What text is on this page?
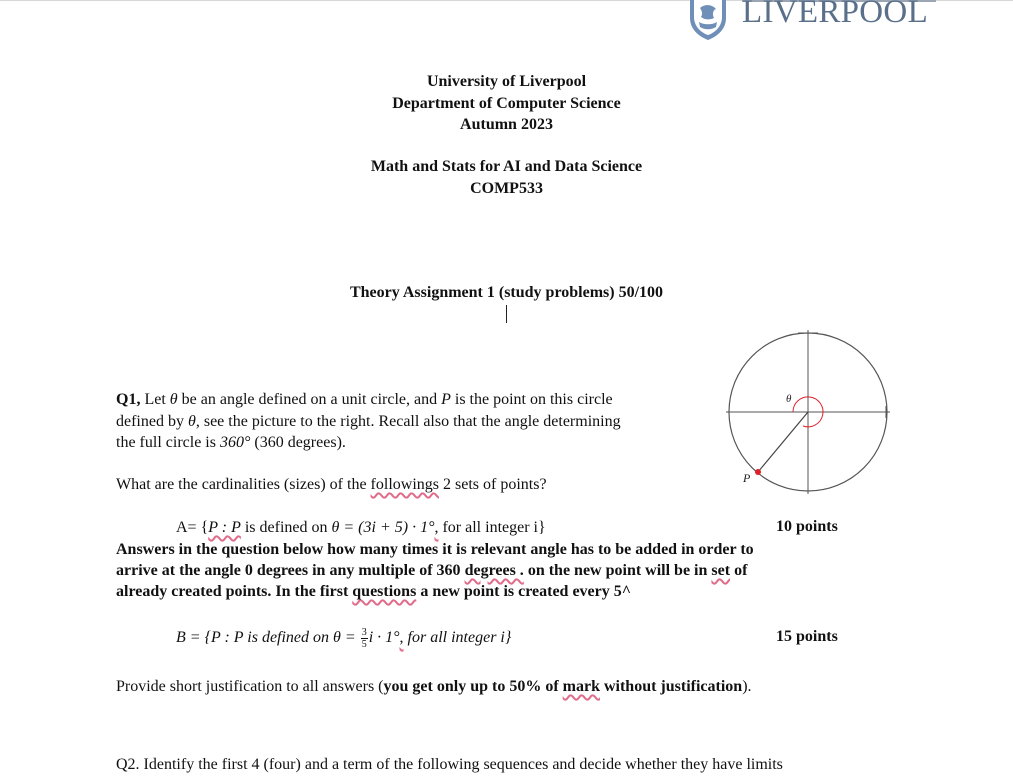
LIVERPOOL
University of Liverpool
Department of Computer Science
Autumn 2023
Math and Stats for AI and Data Science
COMP533
Theory Assignment 1 (study problems) 50/100
Q1, Let θ be an angle defined on a unit circle, and P is the point on this circle
defined by θ, see the picture to the right. Recall also that the angle determining
the full circle is 360° (360 degrees).
What are the cardinalities (sizes) of the followings 2 sets of points?
A= {P : P is defined on θ = (3i + 5) · 1°, for all integer i}	10 points
Answers in the question below how many times it is relevant angle has to be added in order to
arrive at the angle 0 degrees in any multiple of 360 degrees . on the new point will be in set of
already created points. In the first questions a new point is created every 5^
B = {P : P is defined on $\theta = \frac{3}{5}$ i · 1°, for all integer i}	15 points
Provide short justification to all answers (you get only up to 50% of mark without justification).
Q2. Identify the first 4 (four) and a term of the following sequences and decide whether they have limits
θ
P
